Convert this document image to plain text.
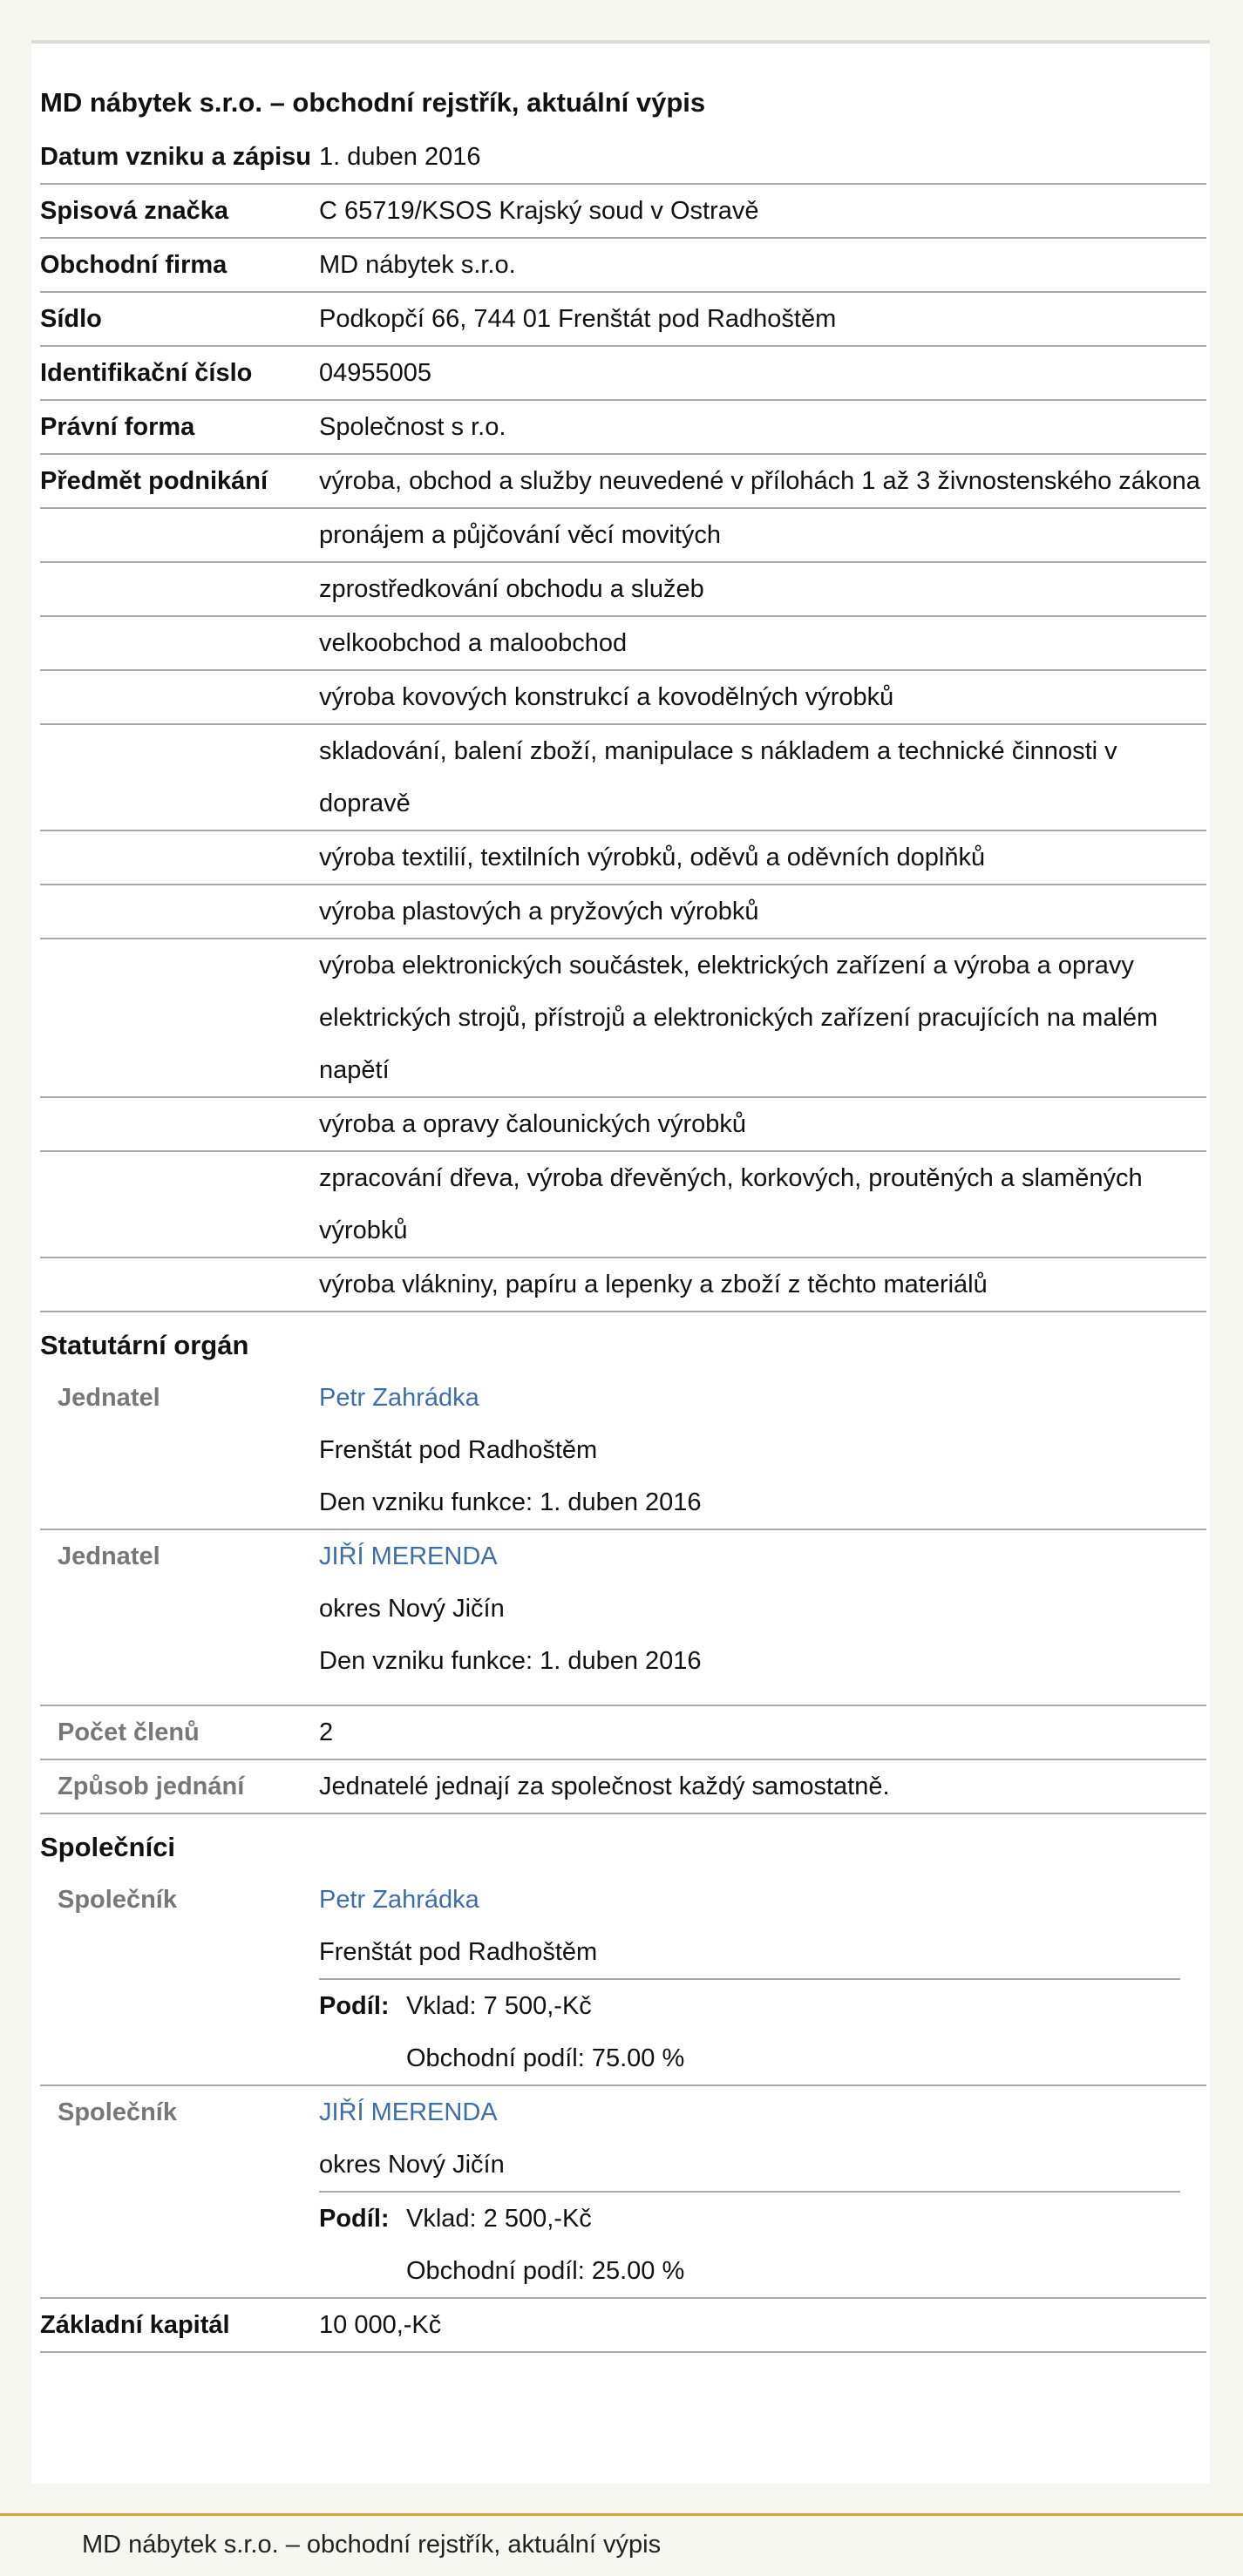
MD nábytek s.r.o. – obchodní rejstřík, aktuální výpis
Datum vzniku a zápisu 1. duben 2016
Spisová značka	C 65719/KSOS Krajský soud v Ostravě
Obchodní firma	MD nábytek s.r.o.
Sídlo	Podkopčí 66, 744 01 Frenštát pod Radhoštěm
Identifikační číslo	04955005
Právní forma	Společnost s r.o.
Předmět podnikání	výroba, obchod a služby neuvedené v přílohách 1 až 3 živnostenského zákona
pronájem a půjčování věcí movitých
zprostředkování obchodu a služeb
velkoobchod a maloobchod
výroba kovových konstrukcí a kovodělných výrobků
skladování, balení zboží, manipulace s nákladem a technické činnosti v dopravě
výroba textilií, textilních výrobků, oděvů a oděvních doplňků
výroba plastových a pryžových výrobků
výroba elektronických součástek, elektrických zařízení a výroba a opravy elektrických strojů, přístrojů a elektronických zařízení pracujících na malém napětí
výroba a opravy čalounických výrobků
zpracování dřeva, výroba dřevěných, korkových, proutěných a slaměných výrobků
výroba vlákniny, papíru a lepenky a zboží z těchto materiálů
Statutární orgán
Jednatel	Petr Zahrádka
Frenštát pod Radhoštěm
Den vzniku funkce: 1. duben 2016
Jednatel	JIŘÍ MERENDA
okres Nový Jičín
Den vzniku funkce: 1. duben 2016
Počet členů	2
Způsob jednání	Jednatelé jednají za společnost každý samostatně.
Společníci
Společník	Petr Zahrádka
Frenštát pod Radhoštěm
Podíl: Vklad: 7 500,-Kč
Obchodní podíl: 75.00 %
Společník	JIŘÍ MERENDA
okres Nový Jičín
Podíl: Vklad: 2 500,-Kč
Obchodní podíl: 25.00 %
Základní kapitál	10 000,-Kč
MD nábytek s.r.o. – obchodní rejstřík, aktuální výpis
